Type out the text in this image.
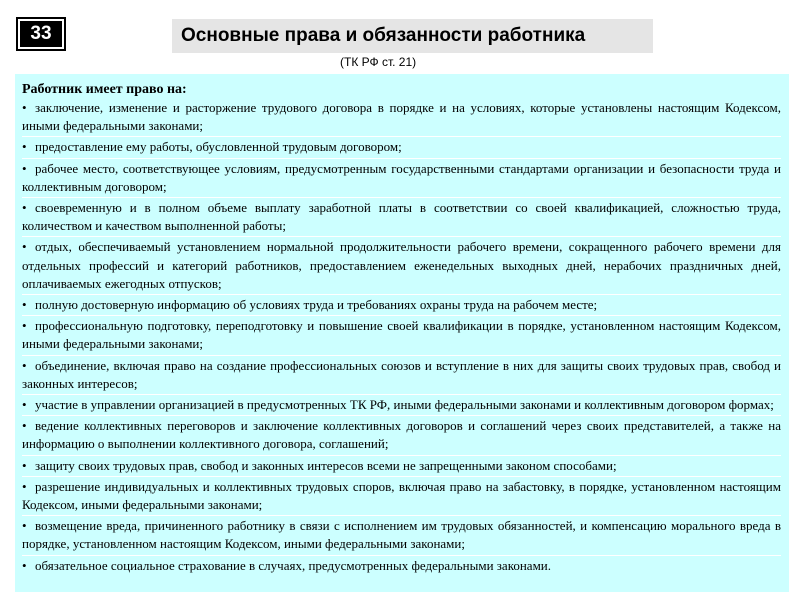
33	Основные права и обязанности работника
(ТК РФ ст. 21)
Работник имеет право на:
• заключение, изменение и расторжение трудового договора в порядке и на условиях, которые установлены настоящим Кодексом, иными федеральными законами;
• предоставление ему работы, обусловленной трудовым договором;
• рабочее место, соответствующее условиям, предусмотренным государственными стандартами организации и безопасности труда и коллективным договором;
• своевременную и в полном объеме выплату заработной платы в соответствии со своей квалификацией, сложностью труда, количеством и качеством выполненной работы;
• отдых, обеспечиваемый установлением нормальной продолжительности рабочего времени, сокращенного рабочего времени для отдельных профессий и категорий работников, предоставлением еженедельных выходных дней, нерабочих праздничных дней, оплачиваемых ежегодных отпусков;
• полную достоверную информацию об условиях труда и требованиях охраны труда на рабочем месте;
• профессиональную подготовку, переподготовку и повышение своей квалификации в порядке, установленном настоящим Кодексом, иными федеральными законами;
• объединение, включая право на создание профессиональных союзов и вступление в них для защиты своих трудовых прав, свобод и законных интересов;
• участие в управлении организацией в предусмотренных ТК РФ, иными федеральными законами и коллективным договором формах;
• ведение коллективных переговоров и заключение коллективных договоров и соглашений через своих представителей, а также на информацию о выполнении коллективного договора, соглашений;
• защиту своих трудовых прав, свобод и законных интересов всеми не запрещенными законом способами;
• разрешение индивидуальных и коллективных трудовых споров, включая право на забастовку, в порядке, установленном настоящим Кодексом, иными федеральными законами;
• возмещение вреда, причиненного работнику в связи с исполнением им трудовых обязанностей, и компенсацию морального вреда в порядке, установленном настоящим Кодексом, иными федеральными законами;
• обязательное социальное страхование в случаях, предусмотренных федеральными законами.
